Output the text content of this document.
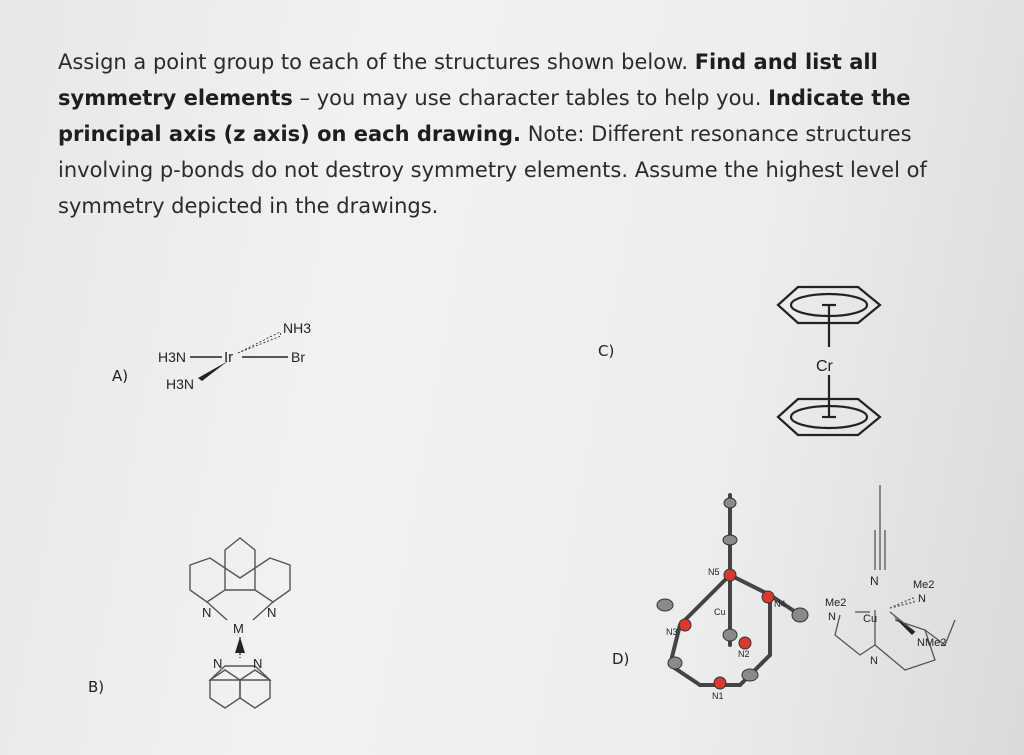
Assign a point group to each of the structures shown below. Find and list all symmetry elements – you may use character tables to help you. Indicate the principal axis (z axis) on each drawing. Note: Different resonance structures involving p-bonds do not destroy symmetry elements. Assume the highest level of symmetry depicted in the drawings.
A)
C)
B)
D)
H3N	Ir
NH3
Br
H3N
N	N
M
N N
Cr
N5
N4
Cu
N3
N2
N1
N	Me2
N
Me2
N Cu
NMe2
N
